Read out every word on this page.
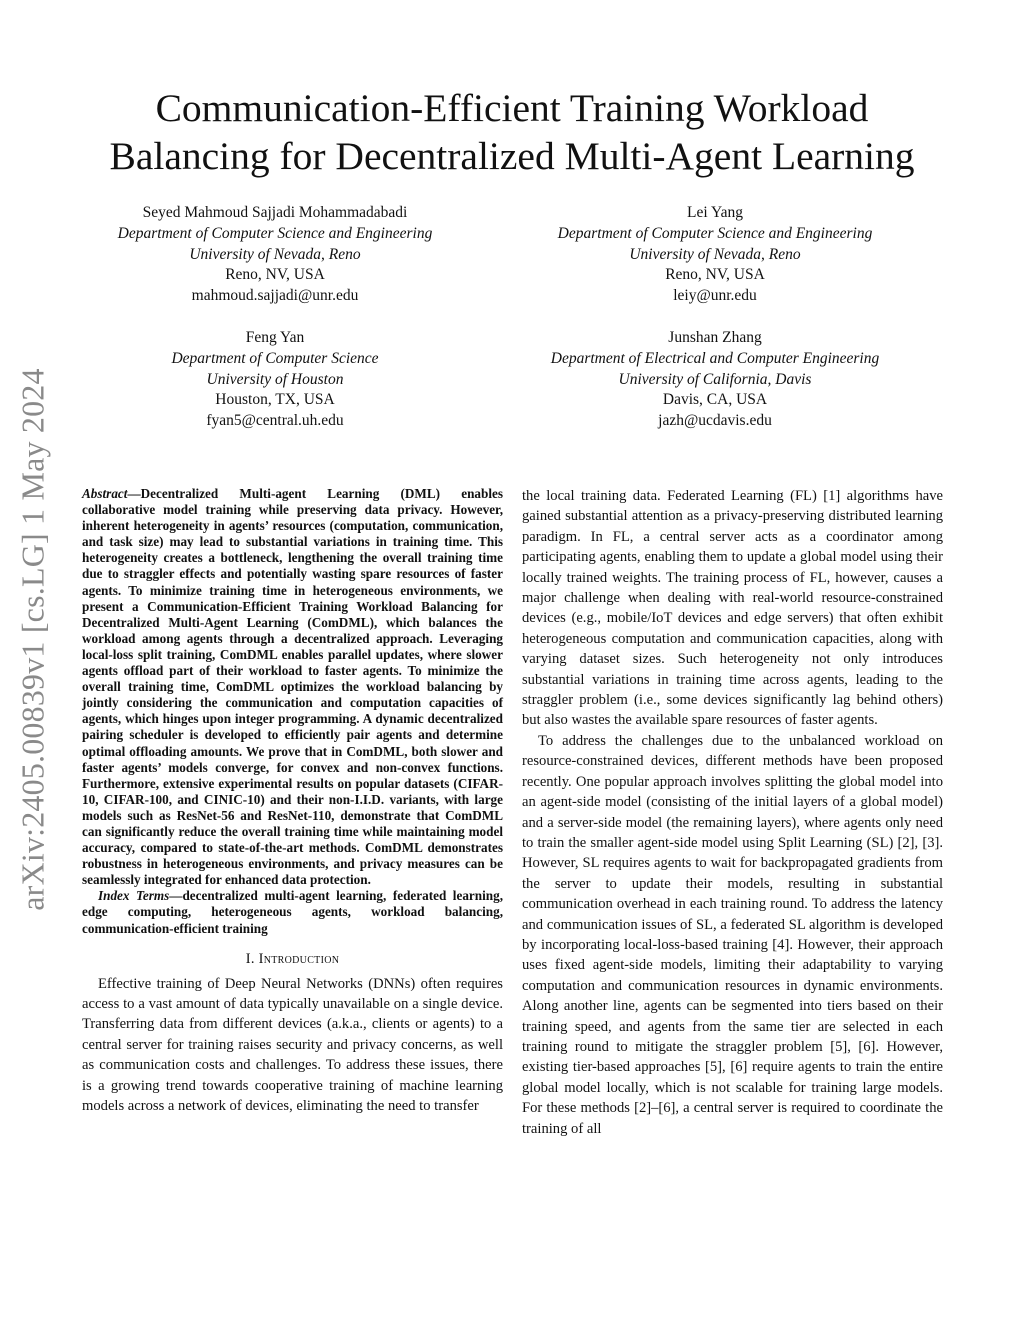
arXiv:2405.00839v1 [cs.LG] 1 May 2024
Communication-Efficient Training Workload
Balancing for Decentralized Multi-Agent Learning
Seyed Mahmoud Sajjadi Mohammadabadi
Department of Computer Science and Engineering
University of Nevada, Reno
Reno, NV, USA
mahmoud.sajjadi@unr.edu
Lei Yang
Department of Computer Science and Engineering
University of Nevada, Reno
Reno, NV, USA
leiy@unr.edu
Feng Yan
Department of Computer Science
University of Houston
Houston, TX, USA
fyan5@central.uh.edu
Junshan Zhang
Department of Electrical and Computer Engineering
University of California, Davis
Davis, CA, USA
jazh@ucdavis.edu

Abstract—Decentralized Multi-agent Learning (DML) enables collaborative model training while preserving data privacy. However, inherent heterogeneity in agents’ resources (computation, communication, and task size) may lead to substantial variations in training time. This heterogeneity creates a bottleneck, lengthening the overall training time due to straggler effects and potentially wasting spare resources of faster agents. To minimize training time in heterogeneous environments, we present a Communication-Efficient Training Workload Balancing for Decentralized Multi-Agent Learning (ComDML), which balances the workload among agents through a decentralized approach. Leveraging local-loss split training, ComDML enables parallel updates, where slower agents offload part of their workload to faster agents. To minimize the overall training time, ComDML optimizes the workload balancing by jointly considering the communication and computation capacities of agents, which hinges upon integer programming. A dynamic decentralized pairing scheduler is developed to efficiently pair agents and determine optimal offloading amounts. We prove that in ComDML, both slower and faster agents’ models converge, for convex and non-convex functions. Furthermore, extensive experimental results on popular datasets (CIFAR-10, CIFAR-100, and CINIC-10) and their non-I.I.D. variants, with large models such as ResNet-56 and ResNet-110, demonstrate that ComDML can significantly reduce the overall training time while maintaining model accuracy, compared to state-of-the-art methods. ComDML demonstrates robustness in heterogeneous environments, and privacy measures can be seamlessly integrated for enhanced data protection.

Index Terms—decentralized multi-agent learning, federated learning, edge computing, heterogeneous agents, workload balancing, communication-efficient training

I. Introduction

Effective training of Deep Neural Networks (DNNs) often requires access to a vast amount of data typically unavailable on a single device. Transferring data from different devices (a.k.a., clients or agents) to a central server for training raises security and privacy concerns, as well as communication costs and challenges. To address these issues, there is a growing trend towards cooperative training of machine learning models across a network of devices, eliminating the need to transfer

the local training data. Federated Learning (FL) [1] algorithms have gained substantial attention as a privacy-preserving distributed learning paradigm. In FL, a central server acts as a coordinator among participating agents, enabling them to update a global model using their locally trained weights. The training process of FL, however, causes a major challenge when dealing with real-world resource-constrained devices (e.g., mobile/IoT devices and edge servers) that often exhibit heterogeneous computation and communication capacities, along with varying dataset sizes. Such heterogeneity not only introduces substantial variations in training time across agents, leading to the straggler problem (i.e., some devices significantly lag behind others) but also wastes the available spare resources of faster agents.

To address the challenges due to the unbalanced workload on resource-constrained devices, different methods have been proposed recently. One popular approach involves splitting the global model into an agent-side model (consisting of the initial layers of a global model) and a server-side model (the remaining layers), where agents only need to train the smaller agent-side model using Split Learning (SL) [2], [3]. However, SL requires agents to wait for backpropagated gradients from the server to update their models, resulting in substantial communication overhead in each training round. To address the latency and communication issues of SL, a federated SL algorithm is developed by incorporating local-loss-based training [4]. However, their approach uses fixed agent-side models, limiting their adaptability to varying computation and communication resources in dynamic environments. Along another line, agents can be segmented into tiers based on their training speed, and agents from the same tier are selected in each training round to mitigate the straggler problem [5], [6]. However, existing tier-based approaches [5], [6] require agents to train the entire global model locally, which is not scalable for training large models. For these methods [2]–[6], a central server is required to coordinate the training of all
